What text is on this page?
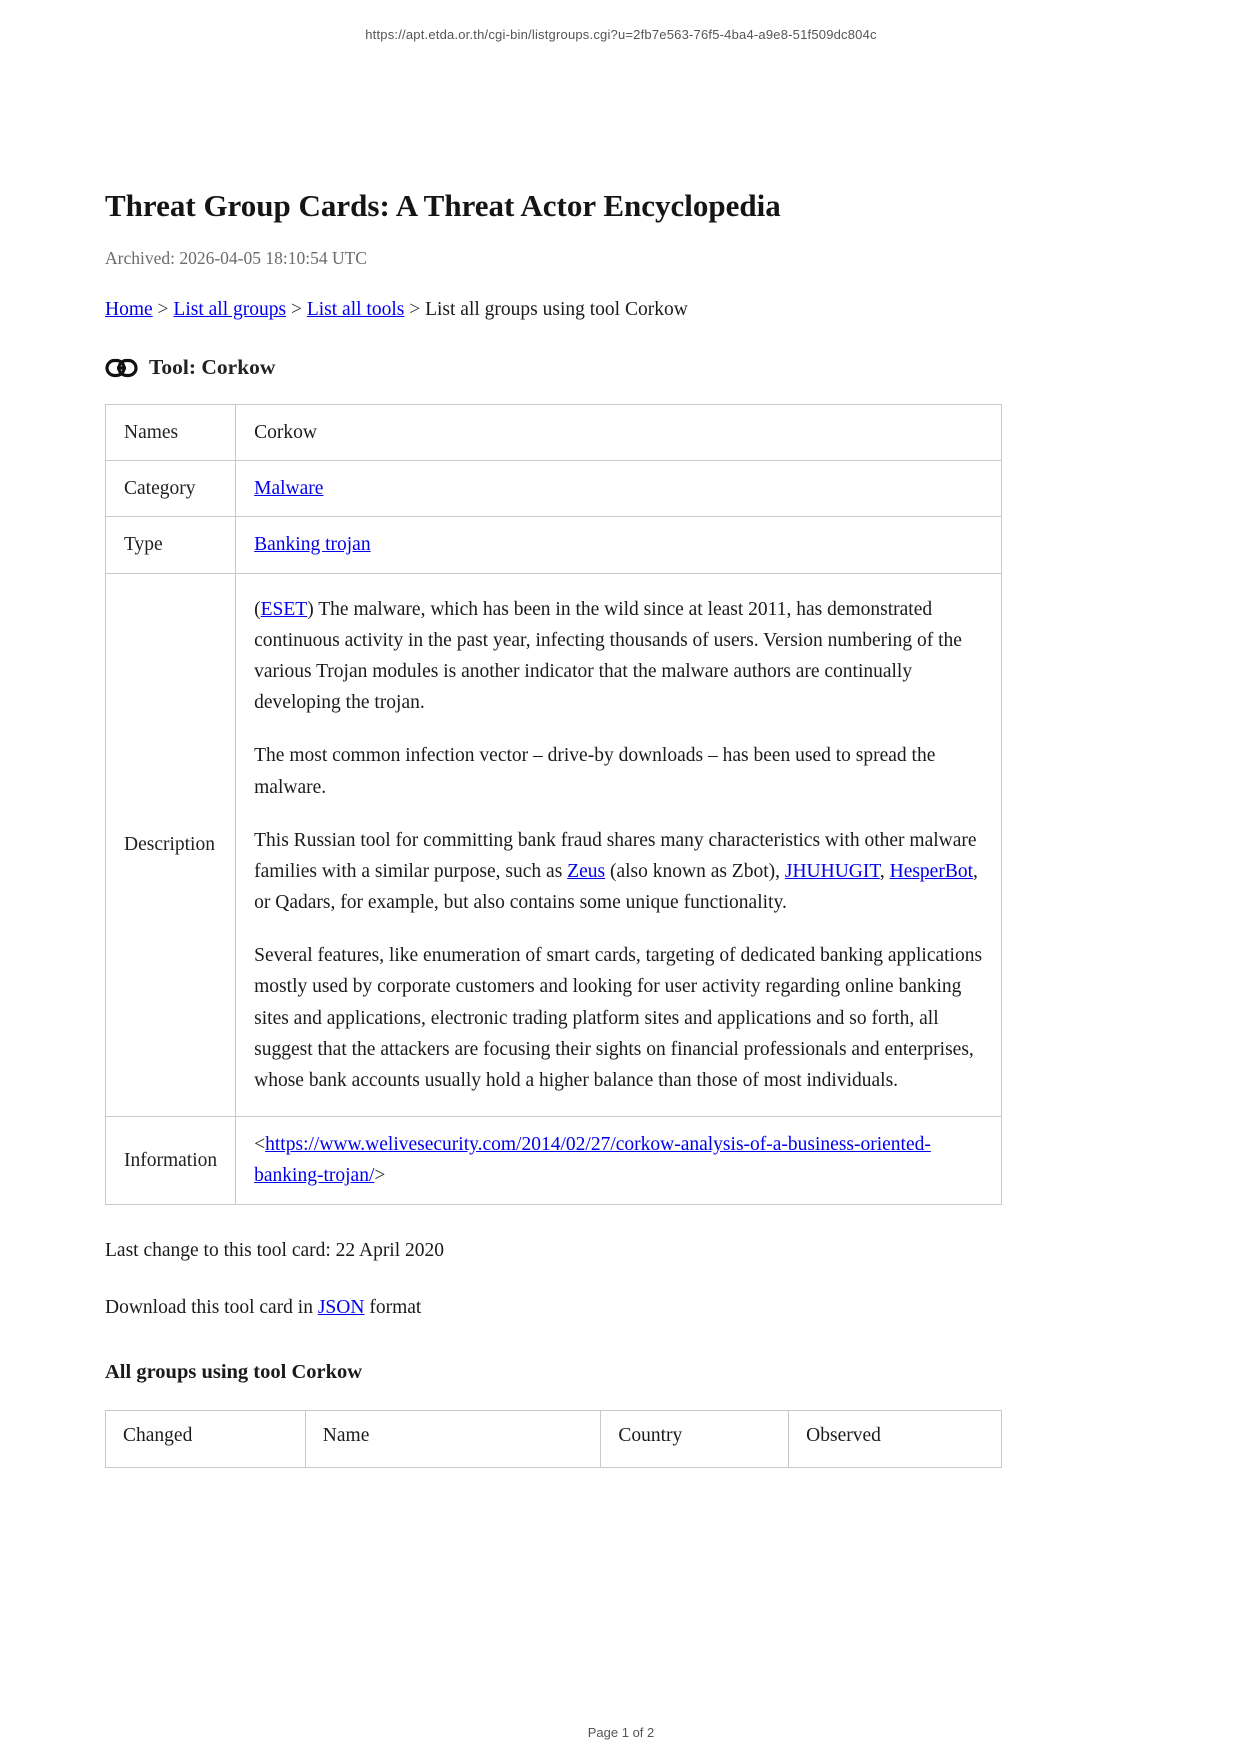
https://apt.etda.or.th/cgi-bin/listgroups.cgi?u=2fb7e563-76f5-4ba4-a9e8-51f509dc804c
Threat Group Cards: A Threat Actor Encyclopedia
Archived: 2026-04-05 18:10:54 UTC
Home > List all groups > List all tools > List all groups using tool Corkow
Tool: Corkow
Names	Corkow
Category	Malware
Type	Banking trojan
Description	(ESET) The malware, which has been in the wild since at least 2011, has demonstrated continuous activity in the past year, infecting thousands of users. Version numbering of the various Trojan modules is another indicator that the malware authors are continually developing the trojan.

The most common infection vector – drive-by downloads – has been used to spread the malware.

This Russian tool for committing bank fraud shares many characteristics with other malware families with a similar purpose, such as Zeus (also known as Zbot), JHUHUGIT, HesperBot, or Qadars, for example, but also contains some unique functionality.

Several features, like enumeration of smart cards, targeting of dedicated banking applications mostly used by corporate customers and looking for user activity regarding online banking sites and applications, electronic trading platform sites and applications and so forth, all suggest that the attackers are focusing their sights on financial professionals and enterprises, whose bank accounts usually hold a higher balance than those of most individuals.

Information	<https://www.welivesecurity.com/2014/02/27/corkow-analysis-of-a-business-oriented-banking-trojan/>
Last change to this tool card: 22 April 2020
Download this tool card in JSON format
All groups using tool Corkow
Changed	Name	Country	Observed
Page 1 of 2
